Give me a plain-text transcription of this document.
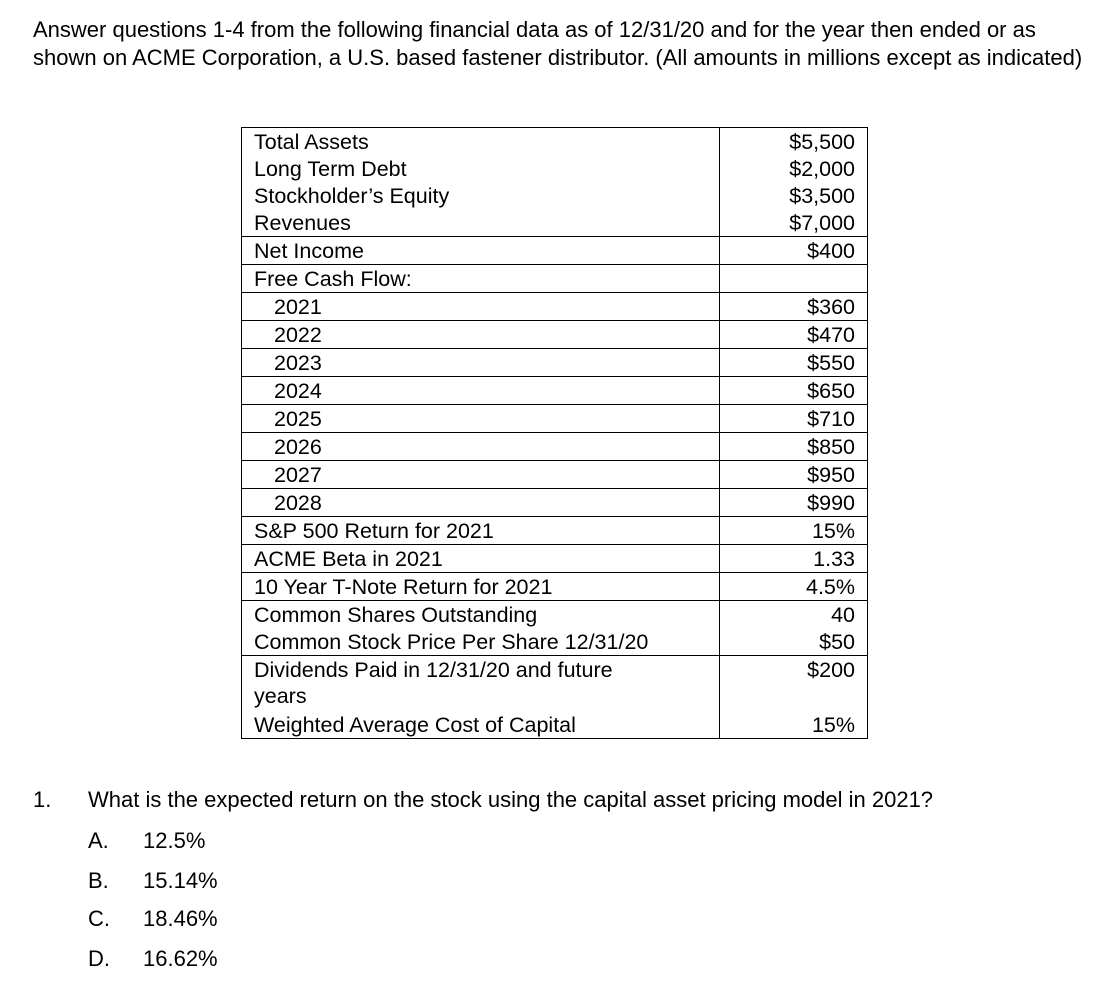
Answer questions 1-4 from the following financial data as of 12/31/20 and for the year then ended or as shown on ACME Corporation, a U.S. based fastener distributor. (All amounts in millions except as indicated)

Total Assets	$5,500
Long Term Debt	$2,000
Stockholder’s Equity	$3,500
Revenues	$7,000
Net Income	$400
Free Cash Flow:	
2021	$360
2022	$470
2023	$550
2024	$650
2025	$710
2026	$850
2027	$950
2028	$990
S&P 500 Return for 2021	15%
ACME Beta in 2021	1.33
10 Year T-Note Return for 2021	4.5%
Common Shares Outstanding	40
Common Stock Price Per Share 12/31/20	$50
Dividends Paid in 12/31/20 and future
years	$200
Weighted Average Cost of Capital	15%
1. What is the expected return on the stock using the capital asset pricing model in 2021?
A. 12.5%
B. 15.14%
C. 18.46%
D. 16.62%
